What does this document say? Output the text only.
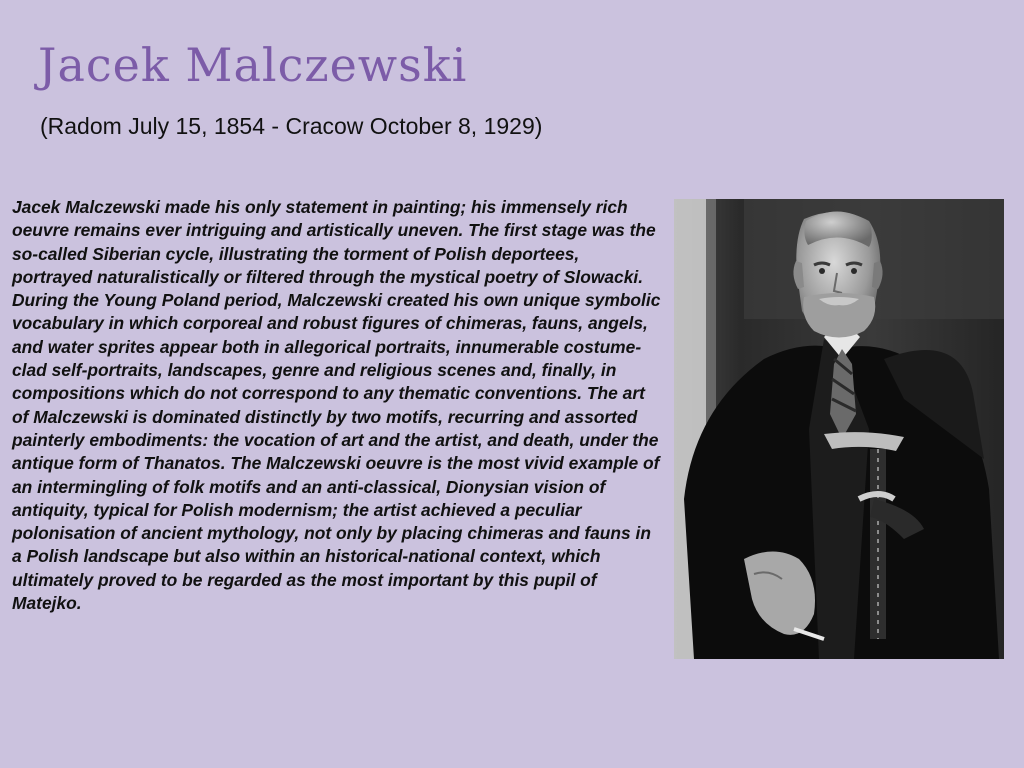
Jacek Malczewski

(Radom July 15, 1854 - Cracow October 8, 1929)

Jacek Malczewski made his only statement in painting; his immensely rich oeuvre remains ever intriguing and artistically uneven. The first stage was the so-called Siberian cycle, illustrating the torment of Polish deportees, portrayed naturalistically or filtered through the mystical poetry of Slowacki. During the Young Poland period, Malczewski created his own unique symbolic vocabulary in which corporeal and robust figures of chimeras, fauns, angels, and water sprites appear both in allegorical portraits, innumerable costume-clad self-portraits, landscapes, genre and religious scenes and, finally, in compositions which do not correspond to any thematic conventions. The art of Malczewski is dominated distinctly by two motifs, recurring and assorted painterly embodiments: the vocation of art and the artist, and death, under the antique form of Thanatos. The Malczewski oeuvre is the most vivid example of an intermingling of folk motifs and an anti-classical, Dionysian vision of antiquity, typical for Polish modernism; the artist achieved a peculiar polonisation of ancient mythology, not only by placing chimeras and fauns in a Polish landscape but also within an historical-national context, which ultimately proved to be regarded as the most important by this pupil of Matejko.
